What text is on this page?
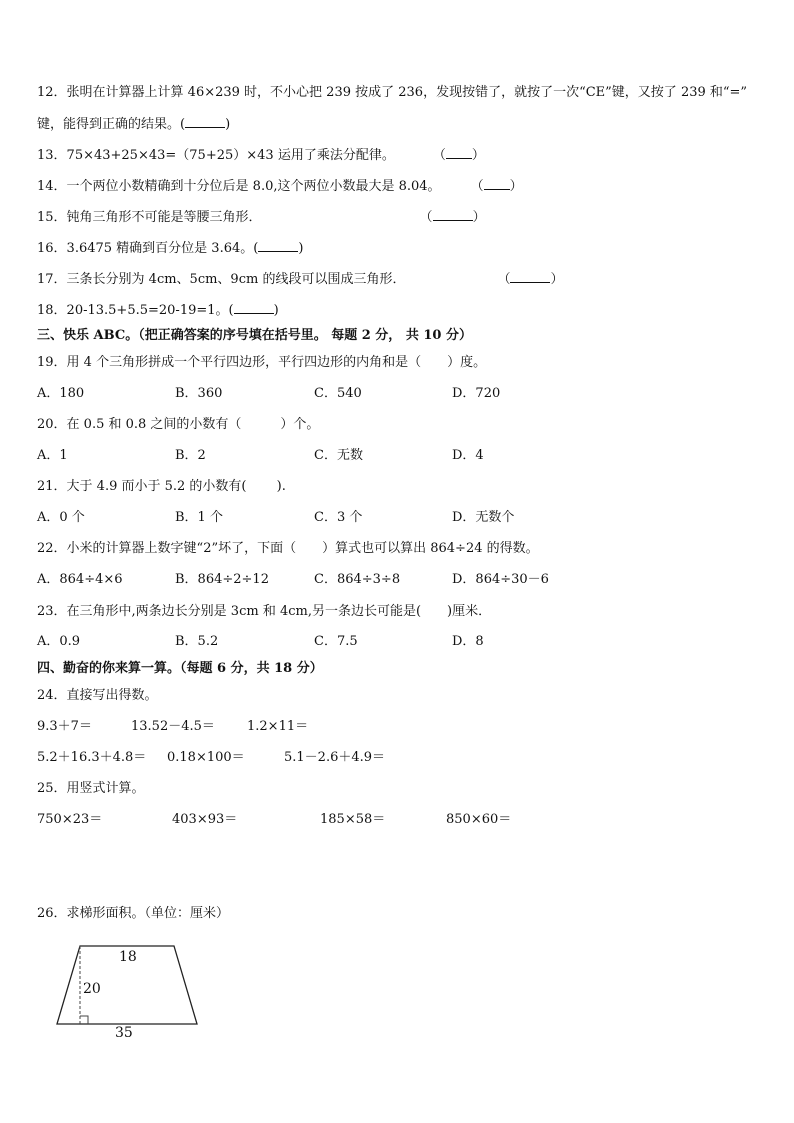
12．张明在计算器上计算 46×239 时，不小心把 239 按成了 236，发现按错了，就按了一次“CE”键，又按了 239 和“=”
键，能得到正确的结果。(	)
13．75×43+25×43=（75+25）×43 运用了乘法分配律。	（ ）
14．一个两位小数精确到十分位后是 8.0,这个两位小数最大是 8.04。 （ ）
15．钝角三角形不可能是等腰三角形．	（	）
16．3.6475 精确到百分位是 3.64。(	)
17．三条长分别为 4cm、5cm、9cm 的线段可以围成三角形．	（	）
18．20-13.5+5.5=20-19=1。(	)
三、快乐 ABC。（把正确答案的序号填在括号里。 每题 2 分， 共 10 分）
19．用 4 个三角形拼成一个平行四边形，平行四边形的内角和是（　　）度。
A．180	B．360	C．540	D．720
20．在 0.5 和 0.8 之间的小数有（　　　）个。
A．1	B．2	C．无数	D．4
21．大于 4.9 而小于 5.2 的小数有(　　 ).
A．0 个	B．1 个	C．3 个	D．无数个
22．小米的计算器上数字键“2”坏了，下面（　　）算式也可以算出 864÷24 的得数。
A．864÷4×6	B．864÷2÷12	C．864÷3÷8	D．864÷30－6
23．在三角形中,两条边长分别是 3cm 和 4cm,另一条边长可能是(　　)厘米．
A．0.9	B．5.2	C．7.5	D．8
四、勤奋的你来算一算。（每题 6 分，共 18 分）
24．直接写出得数。
9.3＋7＝	13.52－4.5＝ 1.2×11＝
5.2＋16.3＋4.8＝ 0.18×100＝	5.1－2.6＋4.9＝
25．用竖式计算。
750×23＝	403×93＝	185×58＝	850×60＝
26．求梯形面积。（单位：厘米）
18
20
35
